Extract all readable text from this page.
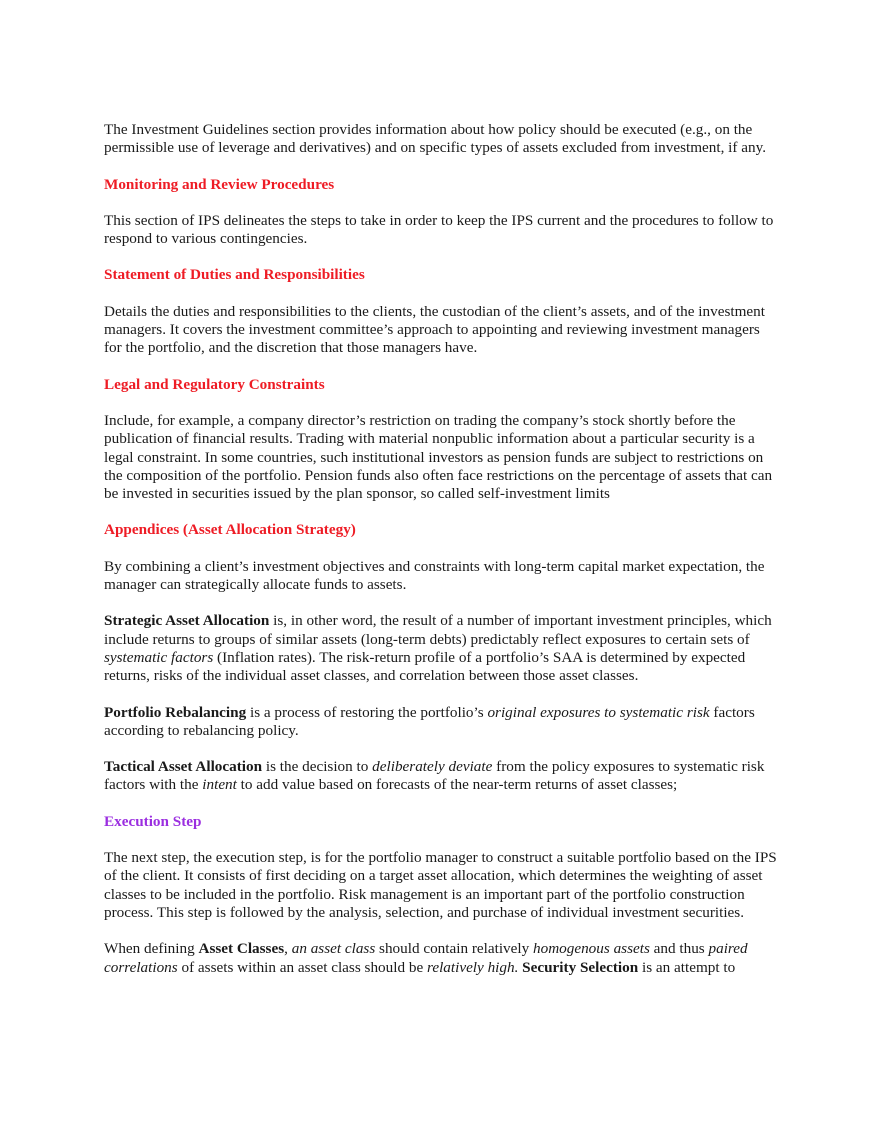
The Investment Guidelines section provides information about how policy should be executed (e.g., on the permissible use of leverage and derivatives) and on specific types of assets excluded from investment, if any.

Monitoring and Review Procedures

This section of IPS delineates the steps to take in order to keep the IPS current and the procedures to follow to respond to various contingencies.

Statement of Duties and Responsibilities

Details the duties and responsibilities to the clients, the custodian of the client’s assets, and of the investment managers. It covers the investment committee’s approach to appointing and reviewing investment managers for the portfolio, and the discretion that those managers have.

Legal and Regulatory Constraints

Include, for example, a company director’s restriction on trading the company’s stock shortly before the publication of financial results. Trading with material nonpublic information about a particular security is a legal constraint. In some countries, such institutional investors as pension funds are subject to restrictions on the composition of the portfolio. Pension funds also often face restrictions on the percentage of assets that can be invested in securities issued by the plan sponsor, so called self-investment limits

Appendices (Asset Allocation Strategy)

By combining a client’s investment objectives and constraints with long-term capital market expectation, the manager can strategically allocate funds to assets.

Strategic Asset Allocation is, in other word, the result of a number of important investment principles, which include returns to groups of similar assets (long-term debts) predictably reflect exposures to certain sets of systematic factors (Inflation rates). The risk-return profile of a portfolio’s SAA is determined by expected returns, risks of the individual asset classes, and correlation between those asset classes.

Portfolio Rebalancing is a process of restoring the portfolio’s original exposures to systematic risk factors according to rebalancing policy.

Tactical Asset Allocation is the decision to deliberately deviate from the policy exposures to systematic risk factors with the intent to add value based on forecasts of the near-term returns of asset classes;

Execution Step

The next step, the execution step, is for the portfolio manager to construct a suitable portfolio based on the IPS of the client. It consists of first deciding on a target asset allocation, which determines the weighting of asset classes to be included in the portfolio. Risk management is an important part of the portfolio construction process. This step is followed by the analysis, selection, and purchase of individual investment securities.

When defining Asset Classes, an asset class should contain relatively homogenous assets and thus paired correlations of assets within an asset class should be relatively high. Security Selection is an attempt to
